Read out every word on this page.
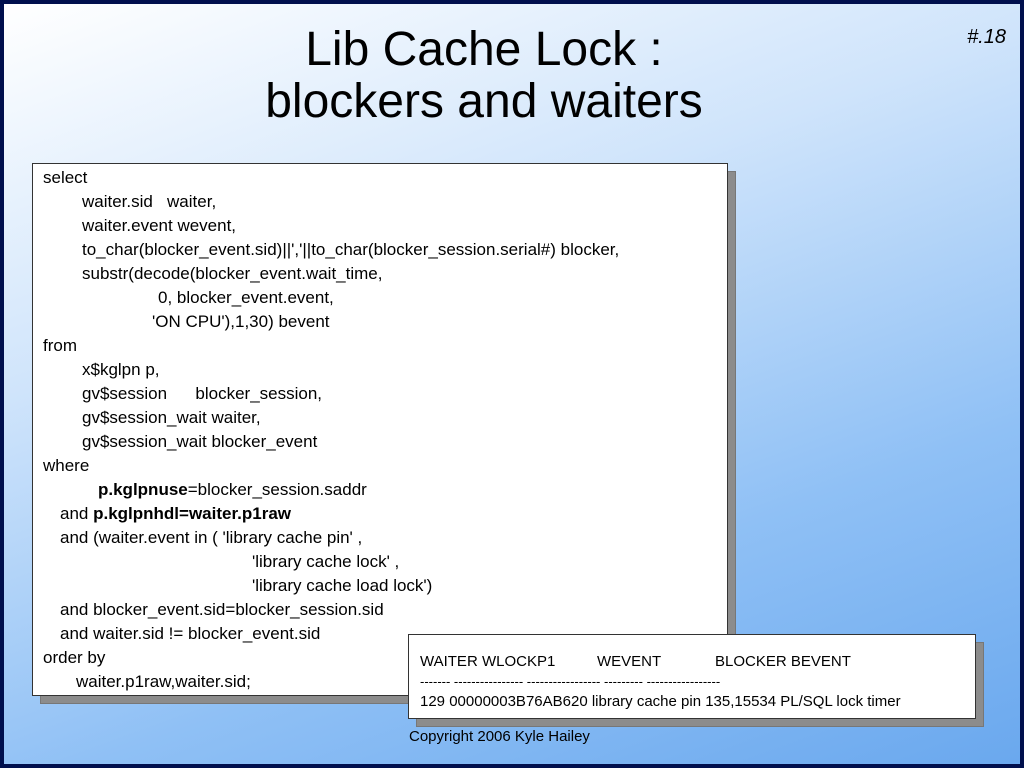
Lib Cache Lock :
blockers and waiters
#.18
select
waiter.sid   waiter,
waiter.event wevent,
to_char(blocker_event.sid)||','||to_char(blocker_session.serial#) blocker,
substr(decode(blocker_event.wait_time,
0, blocker_event.event,
'ON CPU'),1,30) bevent
from
x$kglpn p,
gv$session      blocker_session,
gv$session_wait waiter,
gv$session_wait blocker_event
where
p.kglpnuse=blocker_session.saddr
and p.kglpnhdl=waiter.p1raw
and (waiter.event in ( 'library cache pin' ,
'library cache lock' ,
'library cache load lock')
and blocker_event.sid=blocker_session.sid
and waiter.sid != blocker_event.sid
order by
waiter.p1raw,waiter.sid;
WAITER WLOCKP1          WEVENT             BLOCKER BEVENT
------- ---------------- ----------------- --------- -----------------
129 00000003B76AB620 library cache pin 135,15534 PL/SQL lock timer
Copyright 2006 Kyle Hailey
